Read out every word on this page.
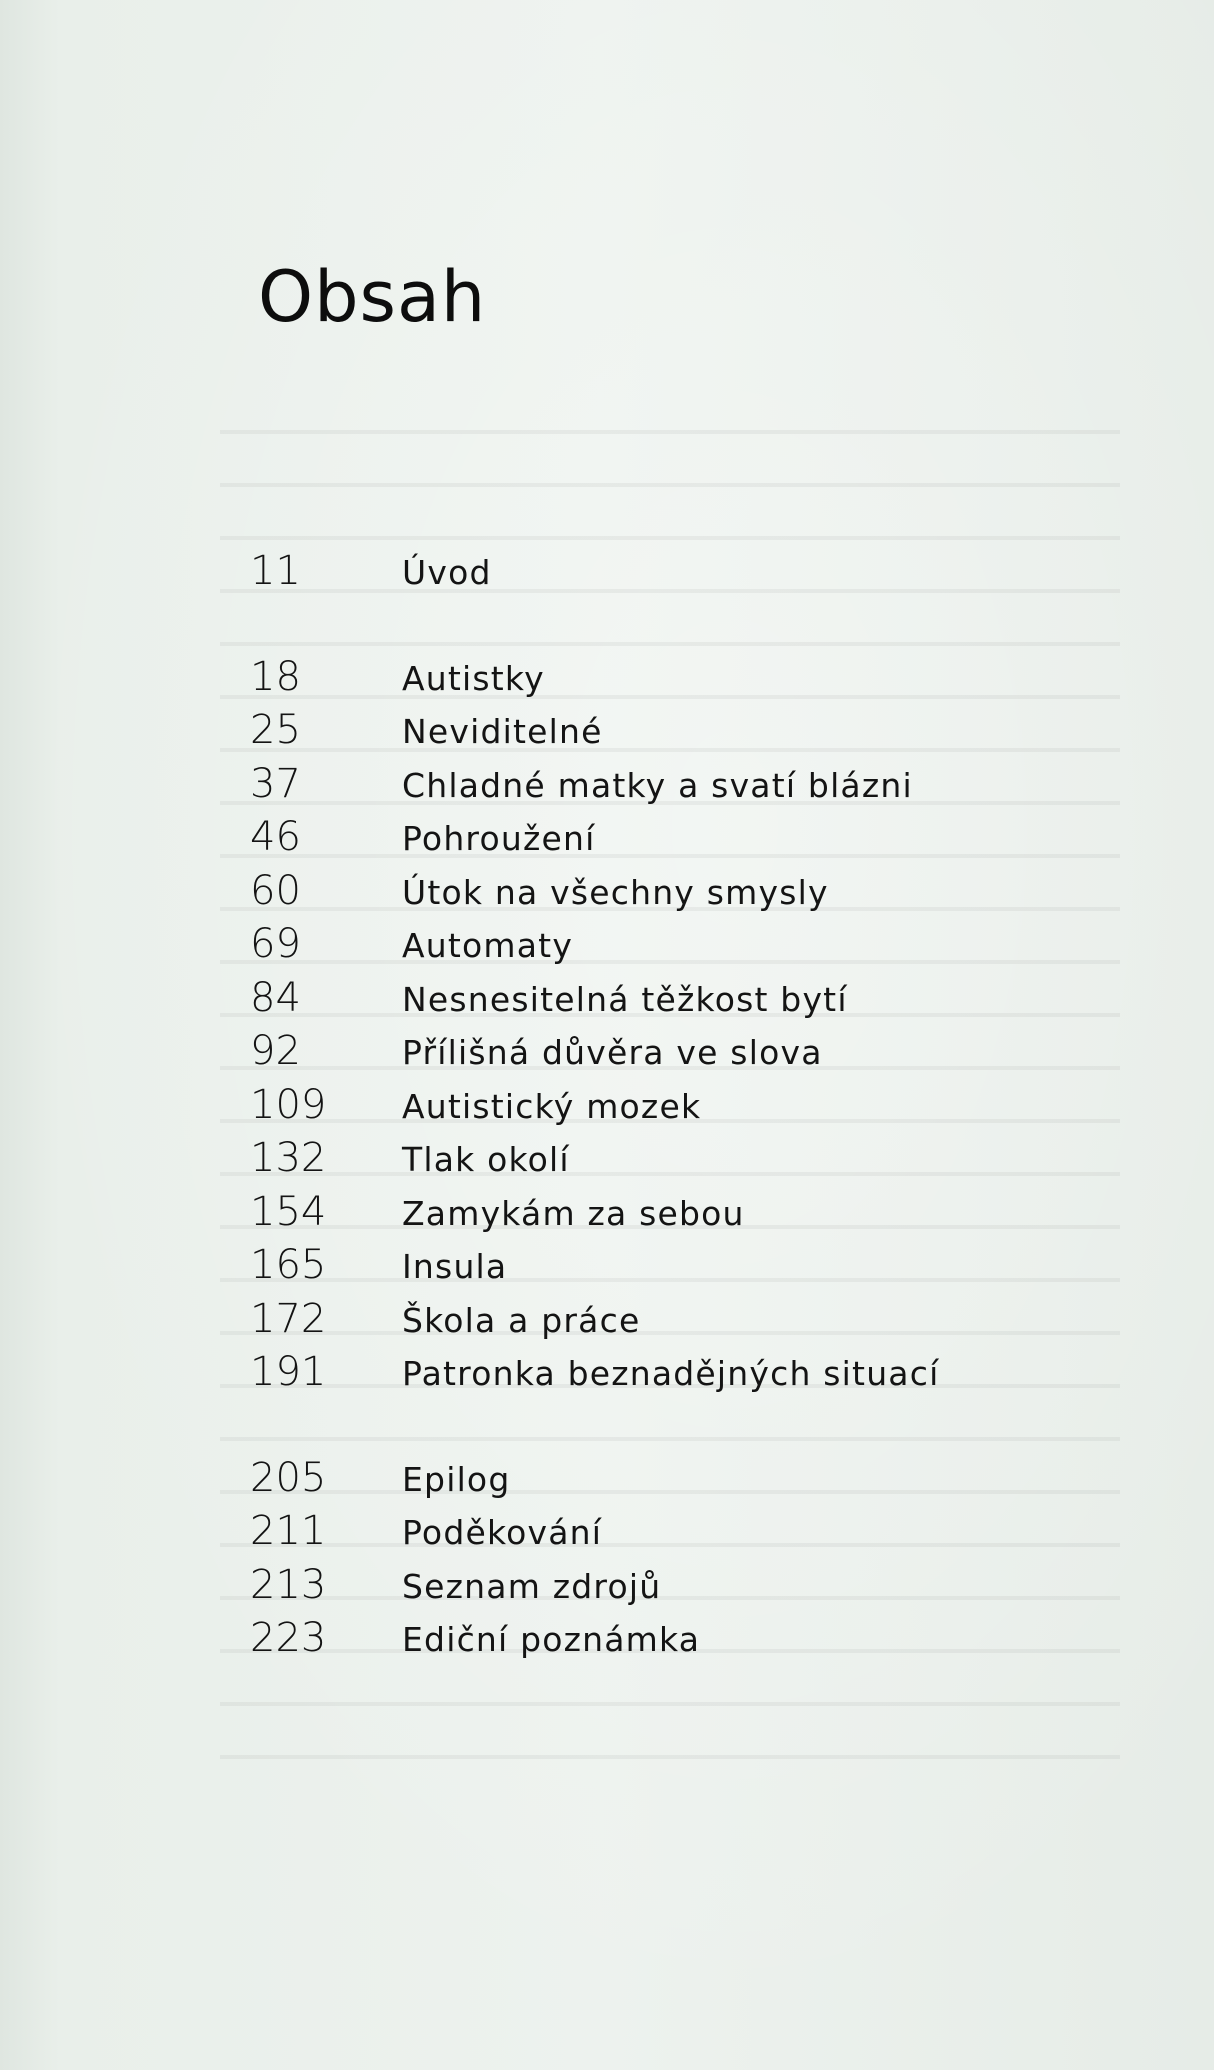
Obsah
11	Úvod
18	Autistky
25	Neviditelné
37	Chladné matky a svatí blázni
46	Pohroužení
60	Útok na všechny smysly
69	Automaty
84	Nesnesitelná těžkost bytí
92	Přílišná důvěra ve slova
109	Autistický mozek
132	Tlak okolí
154	Zamykám za sebou
165	Insula
172	Škola a práce
191	Patronka beznadějných situací
205	Epilog
211	Poděkování
213	Seznam zdrojů
223	Ediční poznámka
